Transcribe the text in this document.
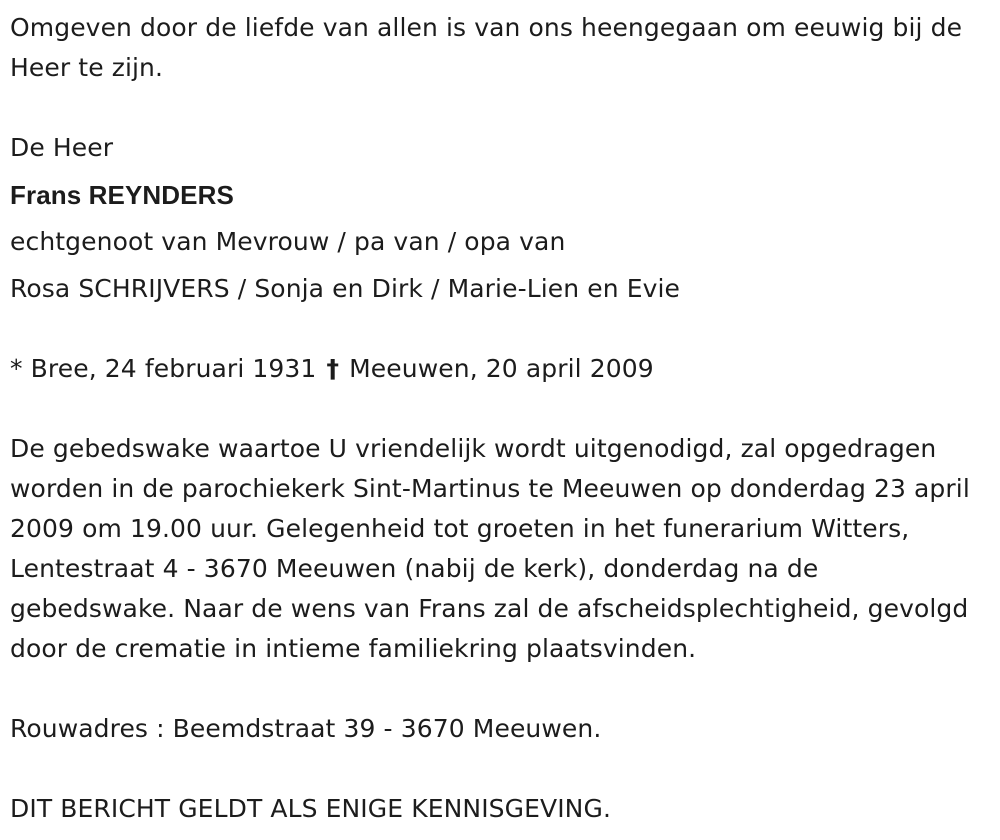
Omgeven door de liefde van allen is van ons heengegaan om eeuwig bij de Heer te zijn.

De Heer

Frans REYNDERS

echtgenoot van Mevrouw / pa van / opa van

Rosa SCHRIJVERS / Sonja en Dirk / Marie-Lien en Evie

* Bree, 24 februari 1931 † Meeuwen, 20 april 2009

De gebedswake waartoe U vriendelijk wordt uitgenodigd, zal opgedragen worden in de parochiekerk Sint-Martinus te Meeuwen op donderdag 23 april 2009 om 19.00 uur. Gelegenheid tot groeten in het funerarium Witters, Lentestraat 4 - 3670 Meeuwen (nabij de kerk), donderdag na de gebedswake. Naar de wens van Frans zal de afscheidsplechtigheid, gevolgd door de crematie in intieme familiekring plaatsvinden.

Rouwadres : Beemdstraat 39 - 3670 Meeuwen.

DIT BERICHT GELDT ALS ENIGE KENNISGEVING.
